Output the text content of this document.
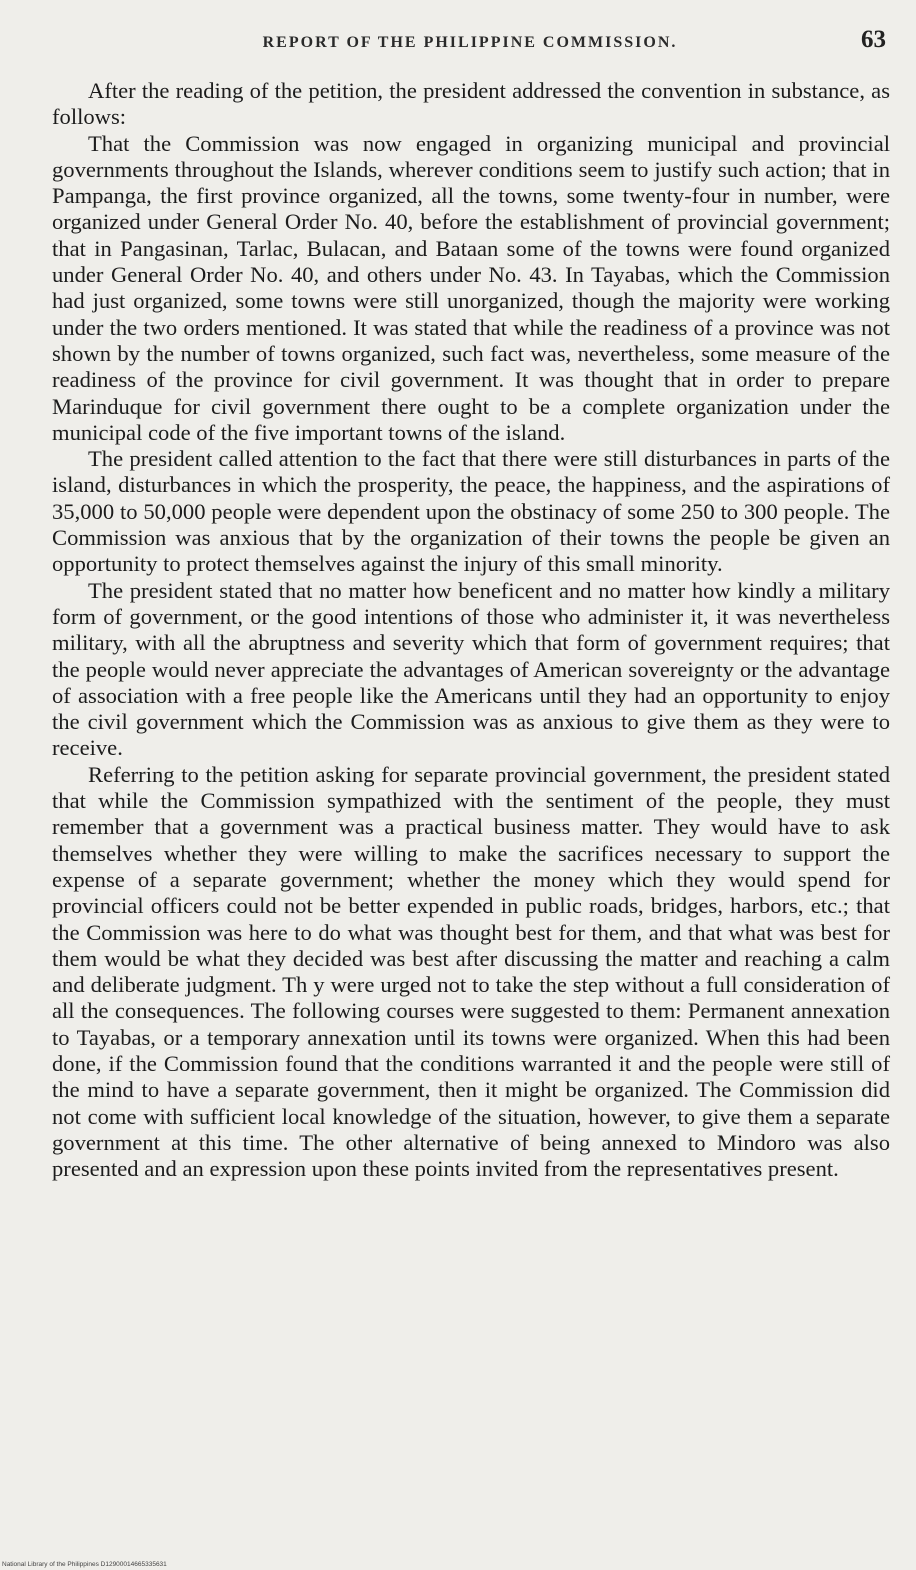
REPORT OF THE PHILIPPINE COMMISSION.	63

After the reading of the petition, the president addressed the convention in substance, as follows:

That the Commission was now engaged in organizing municipal and provincial governments throughout the Islands, wherever conditions seem to justify such action; that in Pampanga, the first province organized, all the towns, some twenty-four in number, were organized under General Order No. 40, before the establishment of provincial government; that in Pangasinan, Tarlac, Bulacan, and Bataan some of the towns were found organized under General Order No. 40, and others under No. 43. In Tayabas, which the Commission had just organized, some towns were still unorganized, though the majority were working under the two orders mentioned. It was stated that while the readiness of a province was not shown by the number of towns organized, such fact was, nevertheless, some measure of the readiness of the province for civil government. It was thought that in order to prepare Marinduque for civil government there ought to be a complete organization under the municipal code of the five important towns of the island.

The president called attention to the fact that there were still disturbances in parts of the island, disturbances in which the prosperity, the peace, the happiness, and the aspirations of 35,000 to 50,000 people were dependent upon the obstinacy of some 250 to 300 people. The Commission was anxious that by the organization of their towns the people be given an opportunity to protect themselves against the injury of this small minority.

The president stated that no matter how beneficent and no matter how kindly a military form of government, or the good intentions of those who administer it, it was nevertheless military, with all the abruptness and severity which that form of government requires; that the people would never appreciate the advantages of American sovereignty or the advantage of association with a free people like the Americans until they had an opportunity to enjoy the civil government which the Commission was as anxious to give them as they were to receive.

Referring to the petition asking for separate provincial government, the president stated that while the Commission sympathized with the sentiment of the people, they must remember that a government was a practical business matter. They would have to ask themselves whether they were willing to make the sacrifices necessary to support the expense of a separate government; whether the money which they would spend for provincial officers could not be better expended in public roads, bridges, harbors, etc.; that the Commission was here to do what was thought best for them, and that what was best for them would be what they decided was best after discussing the matter and reaching a calm and deliberate judgment. Th y were urged not to take the step without a full consideration of all the consequences. The following courses were suggested to them: Permanent annexation to Tayabas, or a temporary annexation until its towns were organized. When this had been done, if the Commission found that the conditions warranted it and the people were still of the mind to have a separate government, then it might be organized. The Commission did not come with sufficient local knowledge of the situation, however, to give them a separate government at this time. The other alternative of being annexed to Mindoro was also presented and an expression upon these points invited from the representatives present.

National Library of the Philippines D12900014665335631
